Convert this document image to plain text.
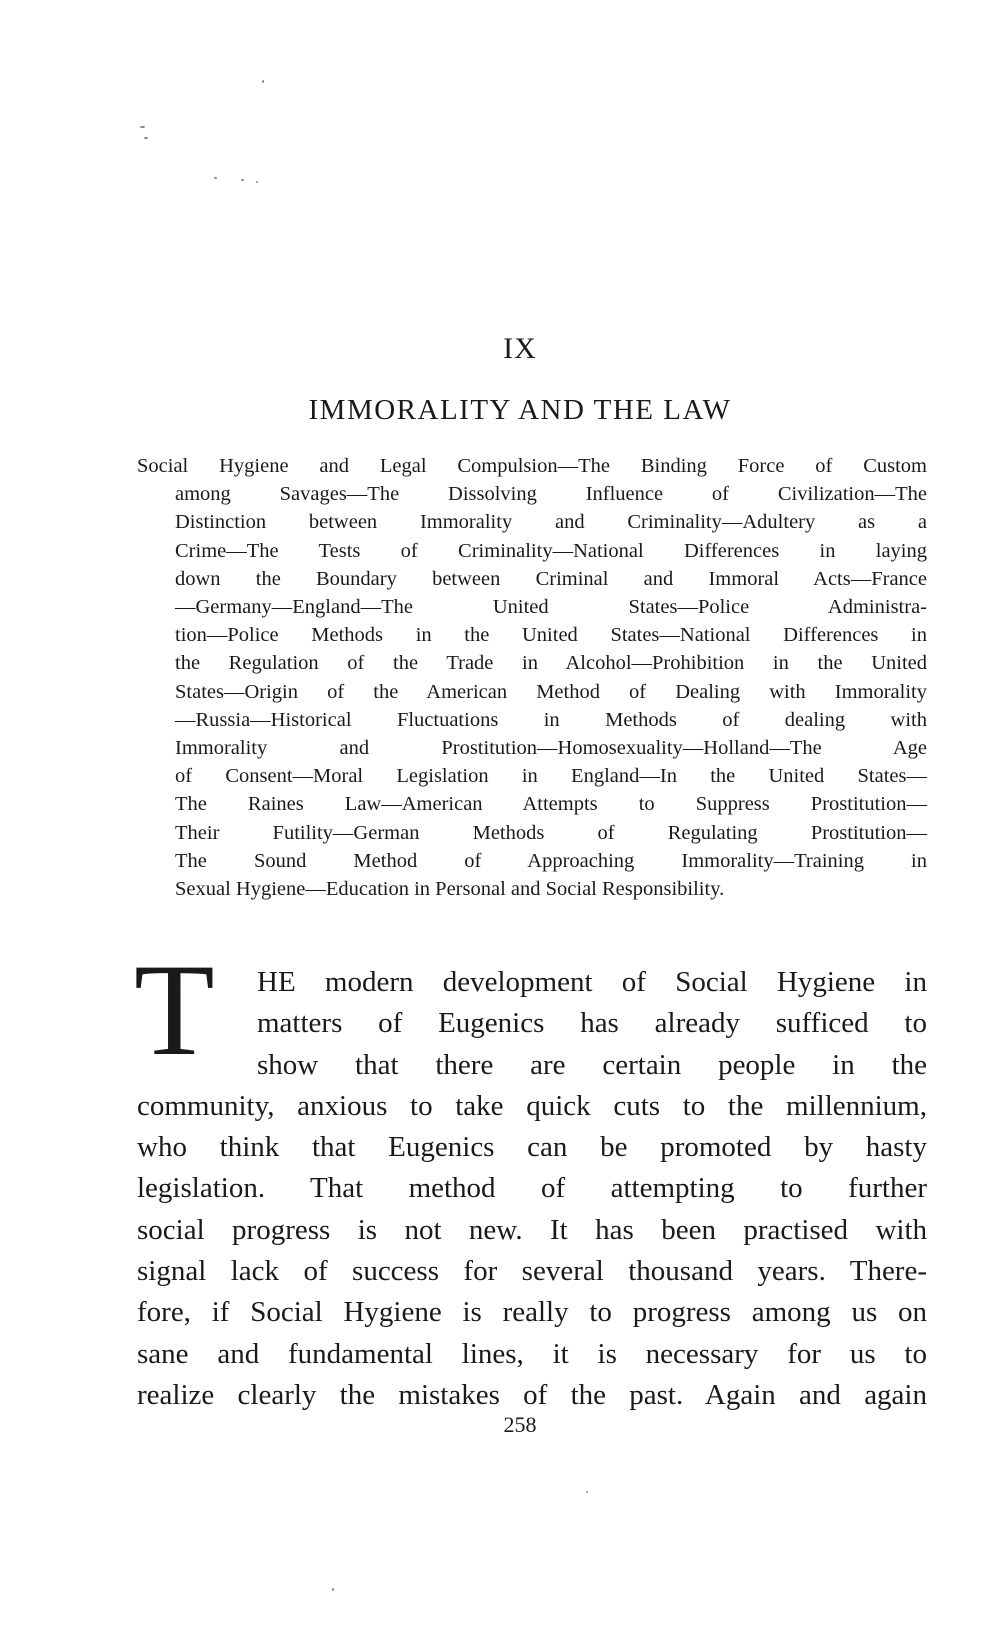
IX
IMMORALITY AND THE LAW
Social Hygiene and Legal Compulsion—The Binding Force of Custom
among Savages—The Dissolving Influence of Civilization—The
Distinction between Immorality and Criminality—Adultery as a
Crime—The Tests of Criminality—National Differences in laying
down the Boundary between Criminal and Immoral Acts—France
—Germany—England—The United States—Police Administra-
tion—Police Methods in the United States—National Differences in
the Regulation of the Trade in Alcohol—Prohibition in the United
States—Origin of the American Method of Dealing with Immorality
—Russia—Historical Fluctuations in Methods of dealing with
Immorality and Prostitution—Homosexuality—Holland—The Age
of Consent—Moral Legislation in England—In the United States—
The Raines Law—American Attempts to Suppress Prostitution—
Their Futility—German Methods of Regulating Prostitution—
The Sound Method of Approaching Immorality—Training in
Sexual Hygiene—Education in Personal and Social Responsibility.
T	HE modern development of Social Hygiene in
matters of Eugenics has already sufficed to
show that there are certain people in the
community, anxious to take quick cuts to the millennium,
who think that Eugenics can be promoted by hasty
legislation. That method of attempting to further
social progress is not new. It has been practised with
signal lack of success for several thousand years. There-
fore, if Social Hygiene is really to progress among us on
sane and fundamental lines, it is necessary for us to
realize clearly the mistakes of the past. Again and again
258
